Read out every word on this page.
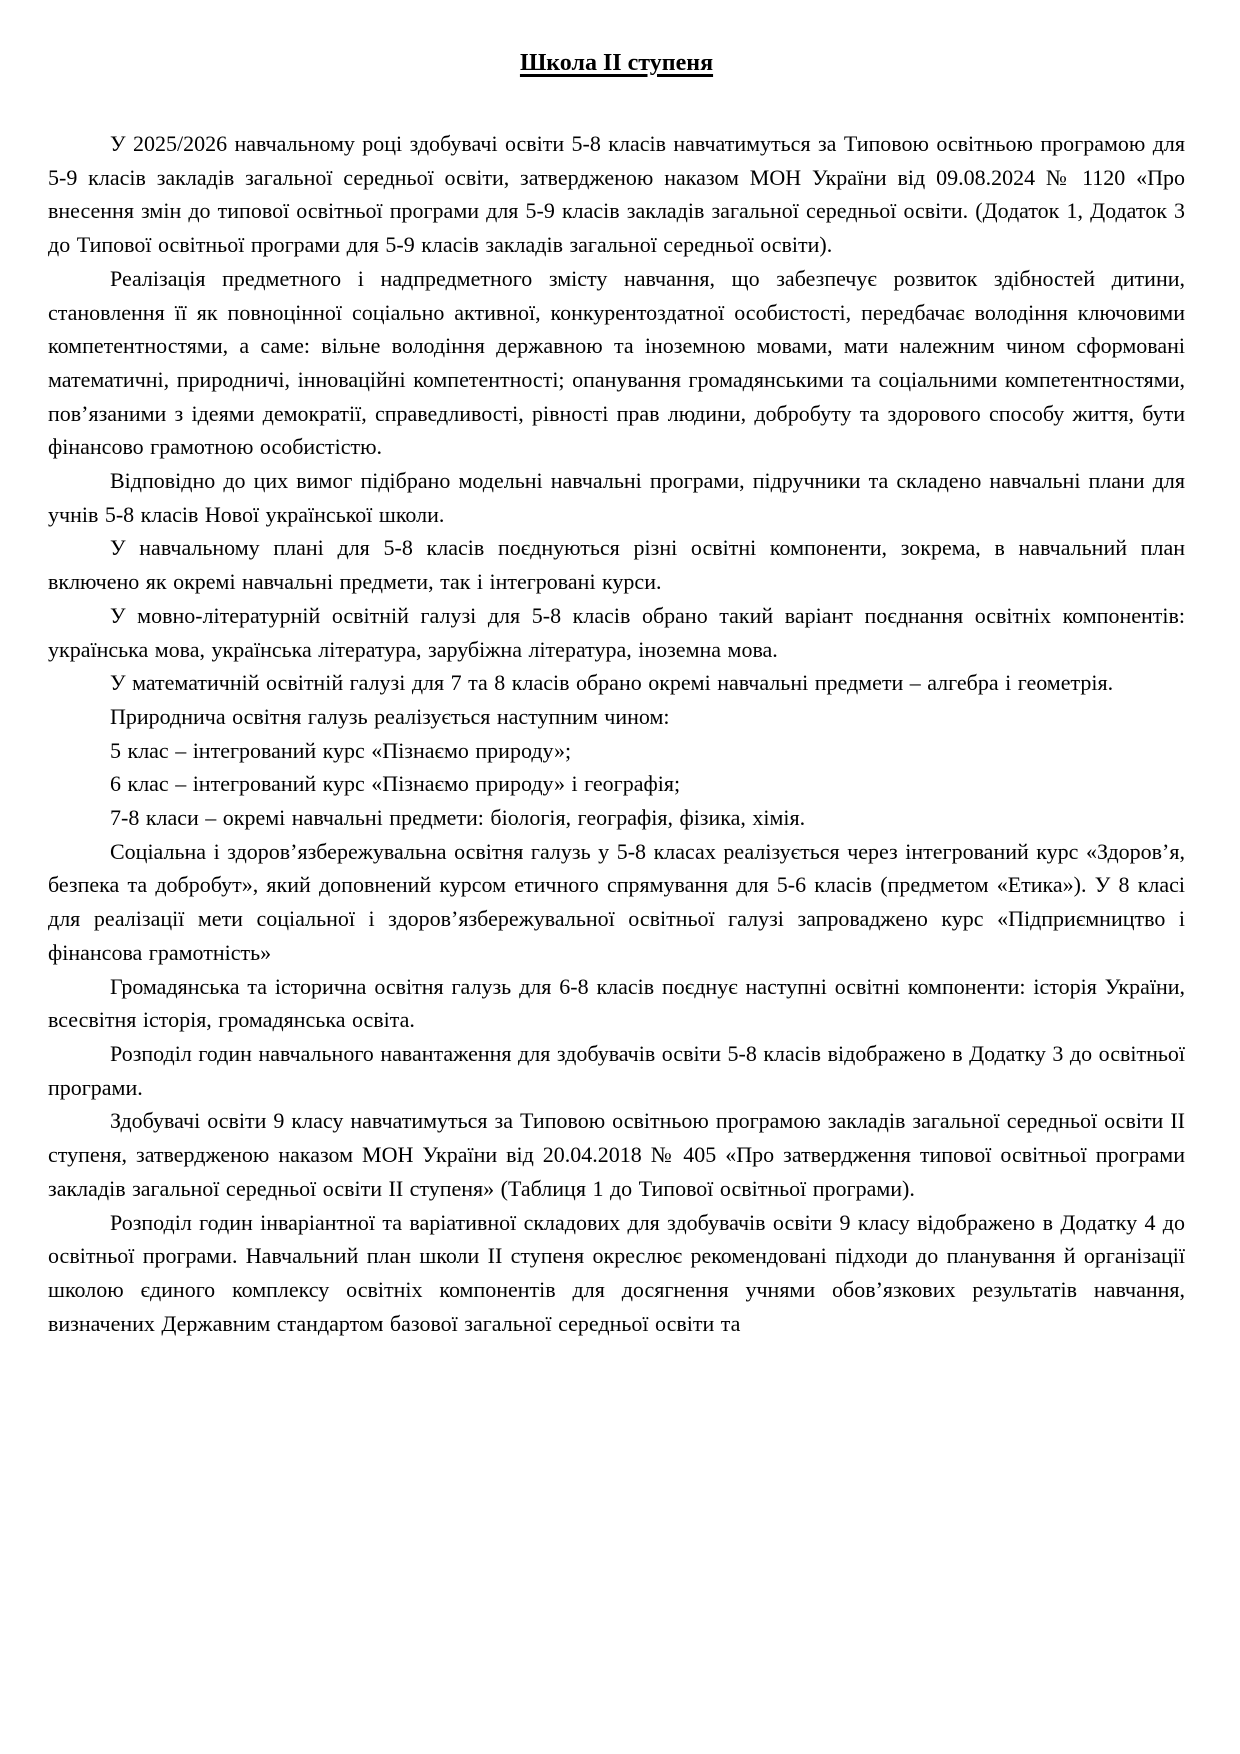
Школа II ступеня

У 2025/2026 навчальному році здобувачі освіти 5-8 класів навчатимуться за Типовою освітньою програмою для 5-9 класів закладів загальної середньої освіти, затвердженою наказом МОН України від 09.08.2024 № 1120 «Про внесення змін до типової освітньої програми для 5-9 класів закладів загальної середньої освіти. (Додаток 1, Додаток 3 до Типової освітньої програми для 5-9 класів закладів загальної середньої освіти).

Реалізація предметного і надпредметного змісту навчання, що забезпечує розвиток здібностей дитини, становлення її як повноцінної соціально активної, конкурентоздатної особистості, передбачає володіння ключовими компетентностями, а саме: вільне володіння державною та іноземною мовами, мати належним чином сформовані математичні, природничі, інноваційні компетентності; опанування громадянськими та соціальними компетентностями, пов’язаними з ідеями демократії, справедливості, рівності прав людини, добробуту та здорового способу життя, бути фінансово грамотною особистістю.

Відповідно до цих вимог підібрано модельні навчальні програми, підручники та складено навчальні плани для учнів 5-8 класів Нової української школи.

У навчальному плані для 5-8 класів поєднуються різні освітні компоненти, зокрема, в навчальний план включено як окремі навчальні предмети, так і інтегровані курси.

У мовно-літературній освітній галузі для 5-8 класів обрано такий варіант поєднання освітніх компонентів: українська мова, українська література, зарубіжна література, іноземна мова.

У математичній освітній галузі для 7 та 8 класів обрано окремі навчальні предмети – алгебра і геометрія.

Природнича освітня галузь реалізується наступним чином:

5 клас – інтегрований курс «Пізнаємо природу»;

6 клас – інтегрований курс «Пізнаємо природу» і географія;

7-8 класи – окремі навчальні предмети: біологія, географія, фізика, хімія.

Соціальна і здоров’язбережувальна освітня галузь у 5-8 класах реалізується через інтегрований курс «Здоров’я, безпека та добробут», який доповнений курсом етичного спрямування для 5-6 класів (предметом «Етика»). У 8 класі для реалізації мети соціальної і здоров’язбережувальної освітньої галузі запроваджено курс «Підприємництво і фінансова грамотність»

Громадянська та історична освітня галузь для 6-8 класів поєднує наступні освітні компоненти: історія України, всесвітня історія, громадянська освіта.

Розподіл годин навчального навантаження для здобувачів освіти 5-8 класів відображено в Додатку 3 до освітньої програми.

Здобувачі освіти 9 класу навчатимуться за Типовою освітньою програмою закладів загальної середньої освіти II ступеня, затвердженою наказом МОН України від 20.04.2018 № 405 «Про затвердження типової освітньої програми закладів загальної середньої освіти II ступеня» (Таблиця 1 до Типової освітньої програми).

Розподіл годин інваріантної та варіативної складових для здобувачів освіти 9 класу відображено в Додатку 4 до освітньої програми. Навчальний план школи II ступеня окреслює рекомендовані підходи до планування й організації школою єдиного комплексу освітніх компонентів для досягнення учнями обов’язкових результатів навчання, визначених Державним стандартом базової загальної середньої освіти та
